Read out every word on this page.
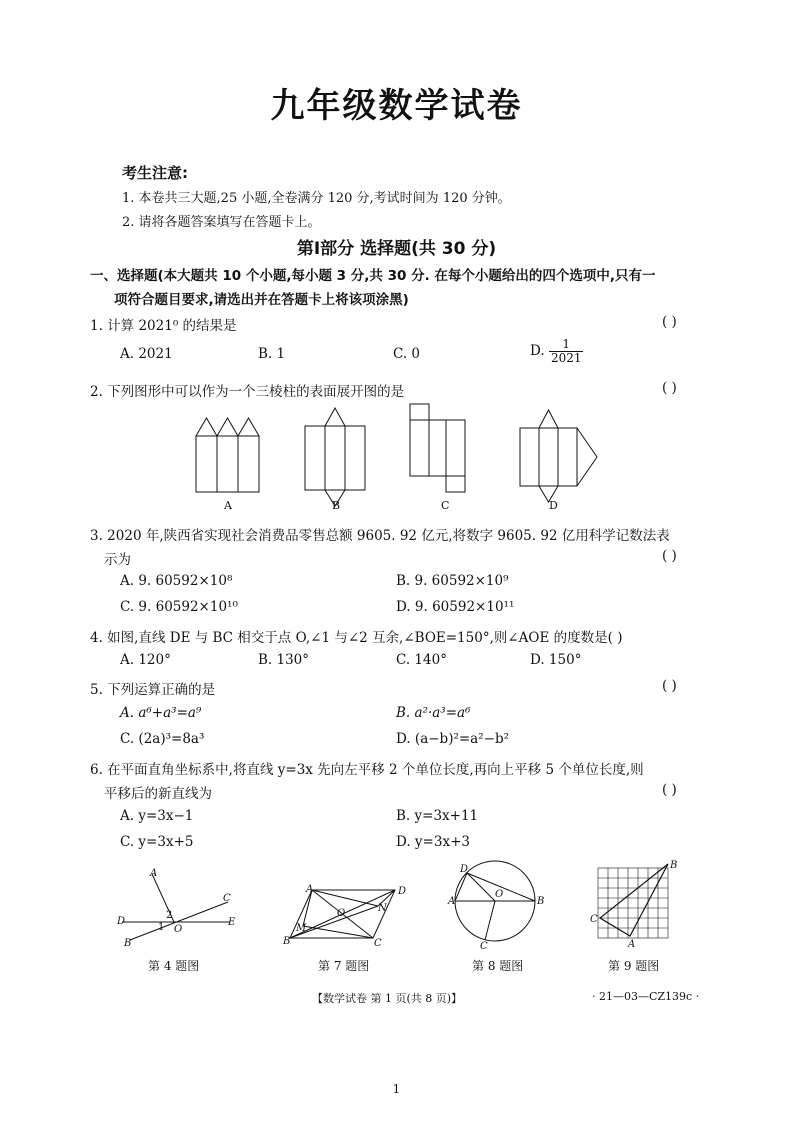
九年级数学试卷
考生注意:
1. 本卷共三大题,25 小题,全卷满分 120 分,考试时间为 120 分钟。
2. 请将各题答案填写在答题卡上。
第Ⅰ部分 选择题(共 30 分)
一、选择题(本大题共 10 个小题,每小题 3 分,共 30 分. 在每个小题给出的四个选项中,只有一
项符合题目要求,请选出并在答题卡上将该项涂黑)
1. 计算 2021⁰ 的结果是	( )
A. 2021	B. 1	C. 0	D. $\frac{1}{2021}$
2. 下列图形中可以作为一个三棱柱的表面展开图的是	( )
A	B	C	D
3. 2020 年,陕西省实现社会消费品零售总额 9605. 92 亿元,将数字 9605. 92 亿用科学记数法表
示为	( )
A. 9. 60592×10⁸	B. 9. 60592×10⁹
C. 9. 60592×10¹⁰	D. 9. 60592×10¹¹
4. 如图,直线 DE 与 BC 相交于点 O,∠1 与∠2 互余,∠BOE=150°,则∠AOE 的度数是( )
A. 120°	B. 130°	C. 140°	D. 150°
5. 下列运算正确的是	( )
A. a⁶+a³=a⁹	B. a²·a³=a⁶
C. (2a)³=8a³	D. (a−b)²=a²−b²
6. 在平面直角坐标系中,将直线 y=3x 先向左平移 2 个单位长度,再向上平移 5 个单位长度,则
平移后的新直线为	( )
A. y=3x−1	B. y=3x+11
C. y=3x+5	D. y=3x+3
A
C
D	E
B
O
1
2
A	D
B	C
M
N
O
D
A
O
B
C
B
C
A
第 4 题图	第 7 题图	第 8 题图	第 9 题图
【数学试卷 第 1 页(共 8 页)】	· 21—03—CZ139c ·
1
